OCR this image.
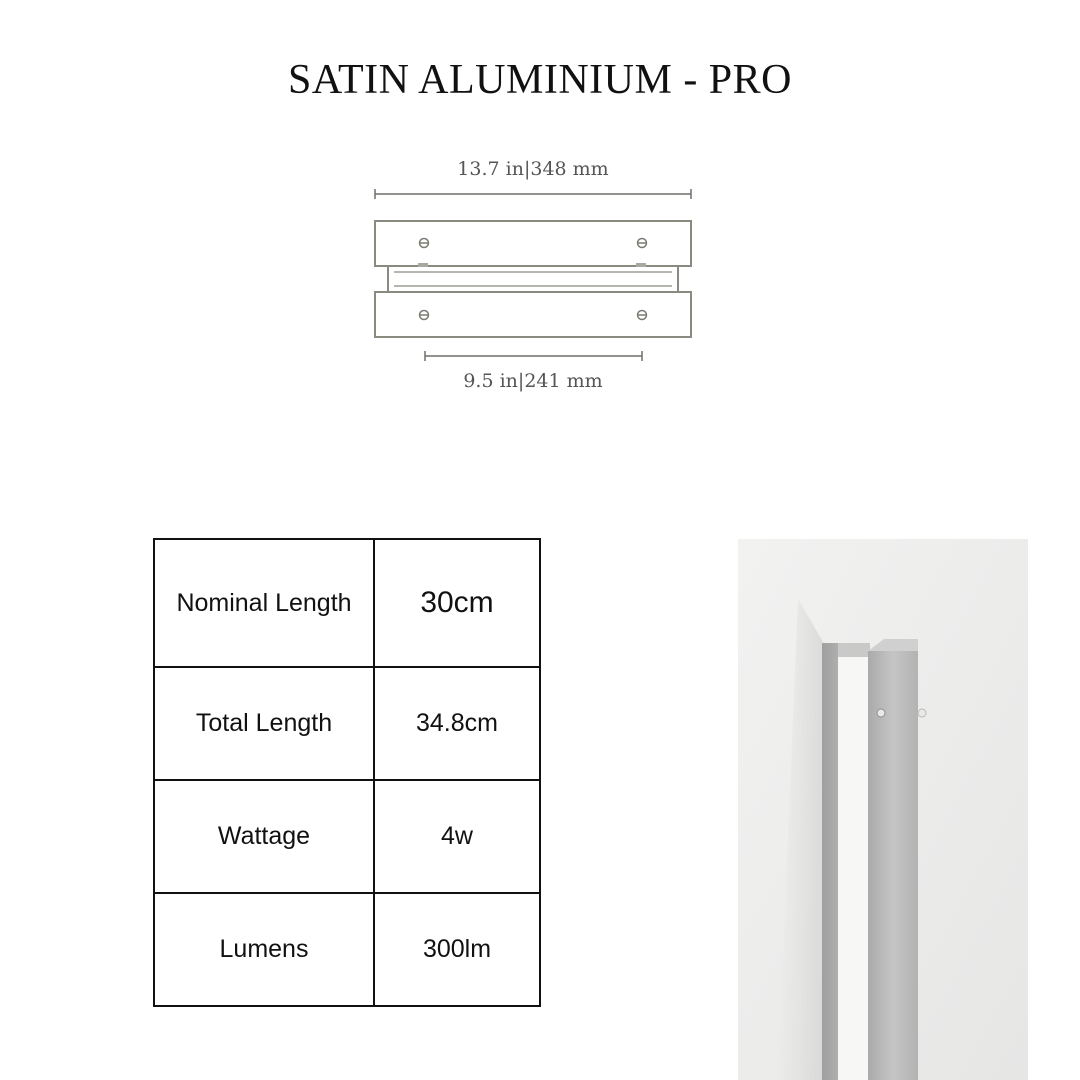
SATIN ALUMINIUM - PRO
13.7 in|348 mm
9.5 in|241 mm
Nominal Length	30cm
Total Length	34.8cm
Wattage	4w
Lumens	300lm
